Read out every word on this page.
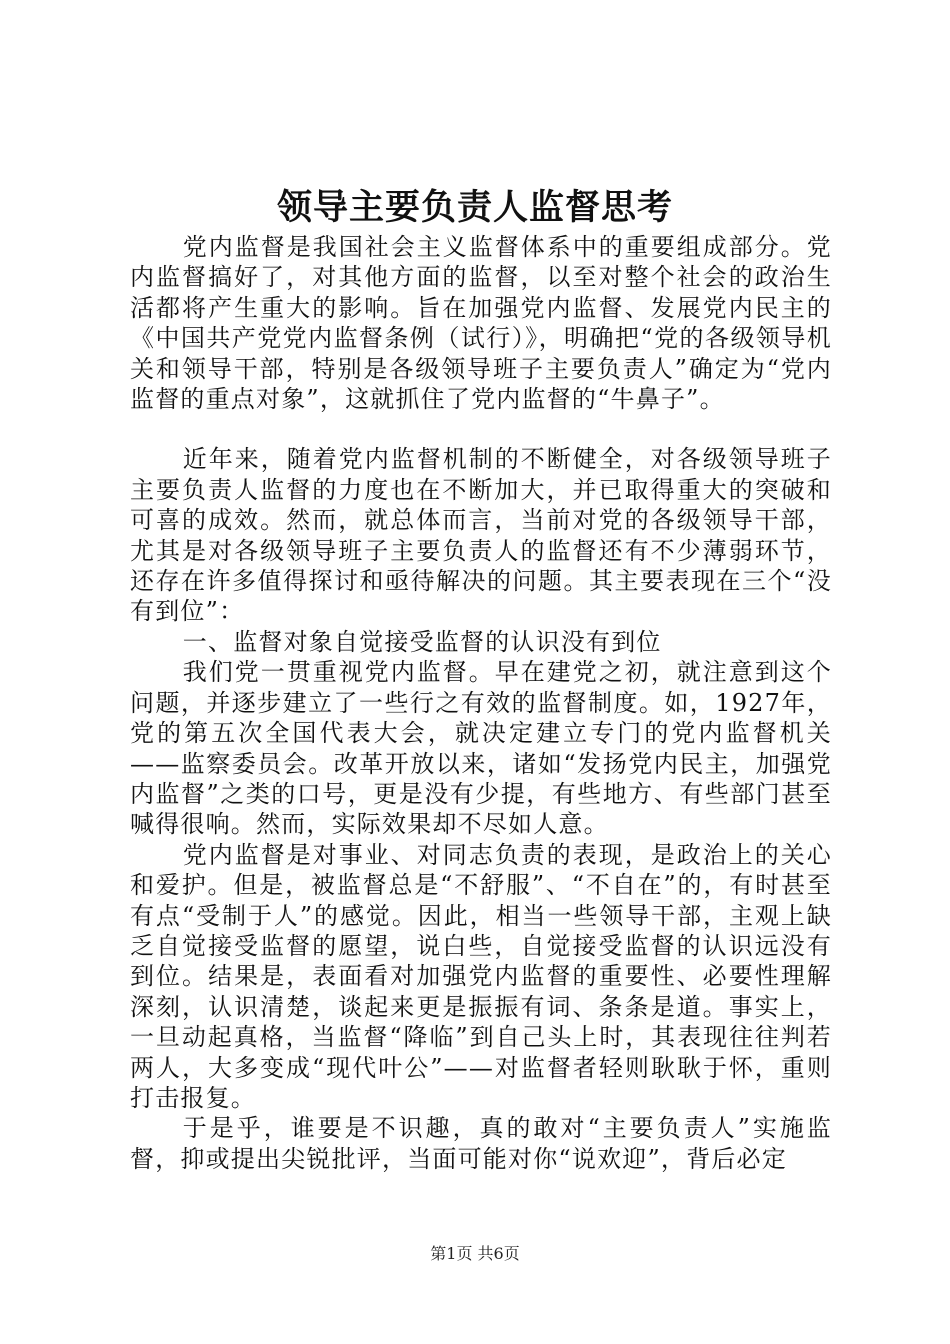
领导主要负责人监督思考

党内监督是我国社会主义监督体系中的重要组成部分。党内监督搞好了，对其他方面的监督，以至对整个社会的政治生活都将产生重大的影响。旨在加强党内监督、发展党内民主的《中国共产党党内监督条例（试行）》，明确把“党的各级领导机关和领导干部，特别是各级领导班子主要负责人”确定为“党内监督的重点对象”，这就抓住了党内监督的“牛鼻子”。

近年来，随着党内监督机制的不断健全，对各级领导班子主要负责人监督的力度也在不断加大，并已取得重大的突破和可喜的成效。然而，就总体而言，当前对党的各级领导干部，尤其是对各级领导班子主要负责人的监督还有不少薄弱环节，还存在许多值得探讨和亟待解决的问题。其主要表现在三个“没有到位”：

一、监督对象自觉接受监督的认识没有到位

我们党一贯重视党内监督。早在建党之初，就注意到这个问题，并逐步建立了一些行之有效的监督制度。如，1927年，党的第五次全国代表大会，就决定建立专门的党内监督机关——监察委员会。改革开放以来，诸如“发扬党内民主，加强党内监督”之类的口号，更是没有少提，有些地方、有些部门甚至喊得很响。然而，实际效果却不尽如人意。

党内监督是对事业、对同志负责的表现，是政治上的关心和爱护。但是，被监督总是“不舒服”、“不自在”的，有时甚至有点“受制于人”的感觉。因此，相当一些领导干部，主观上缺乏自觉接受监督的愿望，说白些，自觉接受监督的认识远没有到位。结果是，表面看对加强党内监督的重要性、必要性理解深刻，认识清楚，谈起来更是振振有词、条条是道。事实上，一旦动起真格，当监督“降临”到自己头上时，其表现往往判若两人，大多变成“现代叶公”——对监督者轻则耿耿于怀，重则打击报复。

于是乎，谁要是不识趣，真的敢对“主要负责人”实施监督，抑或提出尖锐批评，当面可能对你“说欢迎”，背后必定

第1页 共6页
